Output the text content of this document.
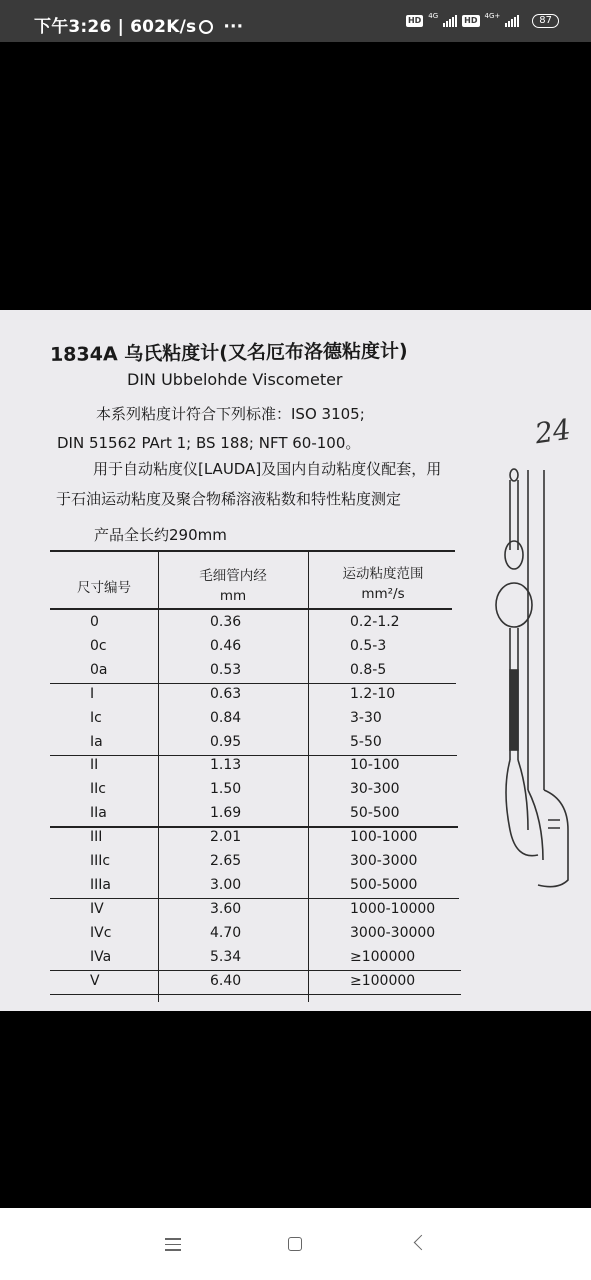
下午3:26 | 602K/s ···	HD 4G	HD 4G+	87
1834A 乌氏粘度计(又名厄布洛德粘度计)
DIN Ubbelohde Viscometer
本系列粘度计符合下列标准：ISO 3105;
DIN 51562 PArt 1; BS 188; NFT 60-100。
用于自动粘度仪[LAUDA]及国内自动粘度仪配套，用
于石油运动粘度及聚合物稀溶液粘数和特性粘度测定
产品全长约290mm
24
尺寸编号
毛细管内经
mm
运动粘度范围
mm²/s
0	0.36	0.2-1.2
0c	0.46	0.5-3
0a	0.53	0.8-5
I	0.63	1.2-10
Ic	0.84	3-30
Ia	0.95	5-50
II	1.13	10-100
IIc	1.50	30-300
IIa	1.69	50-500
III	2.01	100-1000
IIIc	2.65	300-3000
IIIa	3.00	500-5000
IV	3.60	1000-10000
IVc	4.70	3000-30000
IVa	5.34	≥100000
V	6.40	≥100000
